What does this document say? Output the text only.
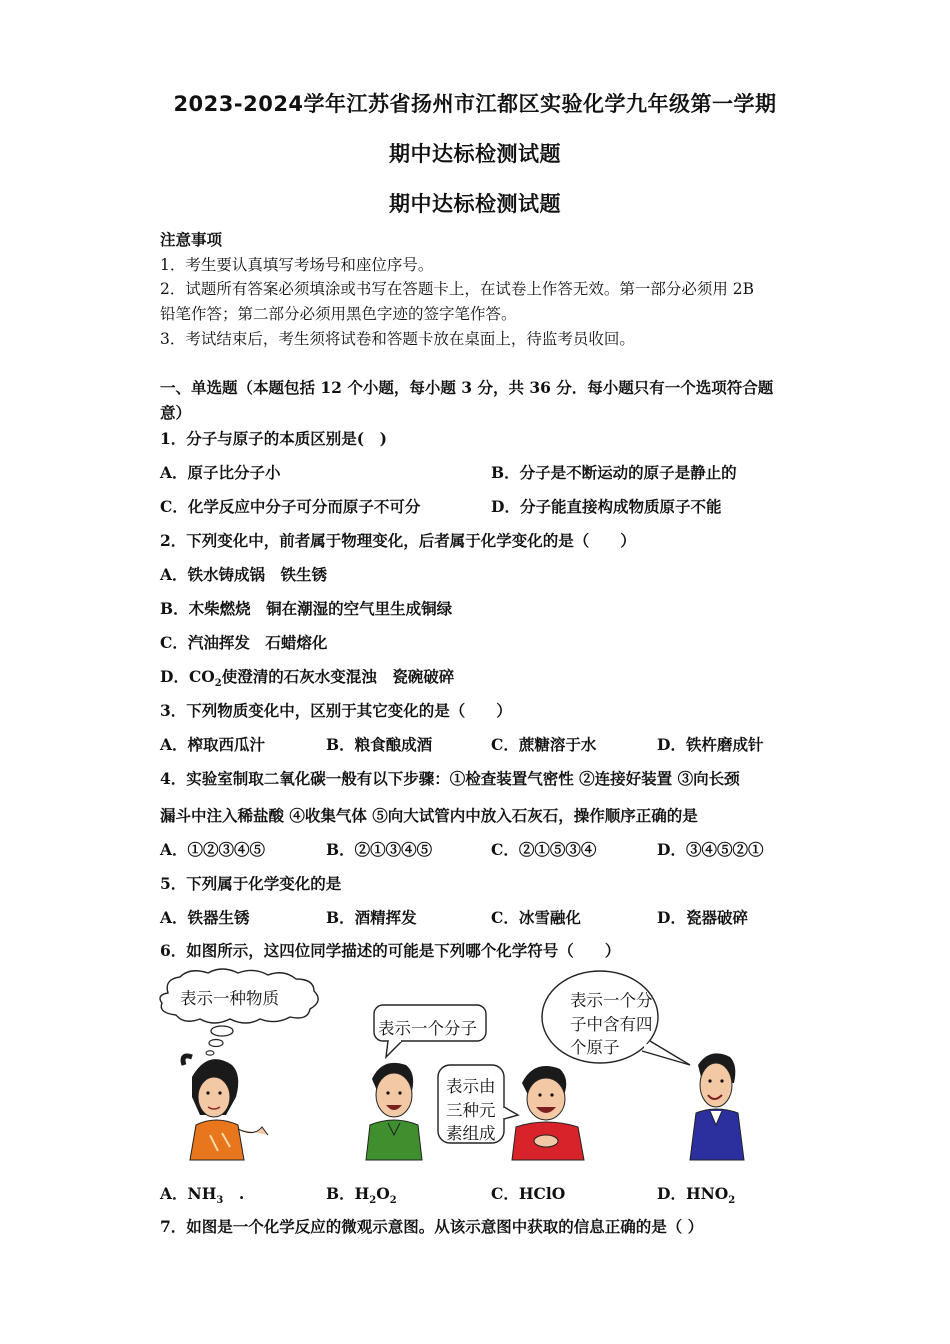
2023-2024学年江苏省扬州市江都区实验化学九年级第一学期
期中达标检测试题
期中达标检测试题
注意事项
1．考生要认真填写考场号和座位序号。
2．试题所有答案必须填涂或书写在答题卡上，在试卷上作答无效。第一部分必须用 2B
铅笔作答；第二部分必须用黑色字迹的签字笔作答。
3．考试结束后，考生须将试卷和答题卡放在桌面上，待监考员收回。
一、单选题（本题包括 12 个小题，每小题 3 分，共 36 分．每小题只有一个选项符合题
意）
1．分子与原子的本质区别是(　)
A．原子比分子小	B．分子是不断运动的原子是静止的
C．化学反应中分子可分而原子不可分	D．分子能直接构成物质原子不能
2．下列变化中，前者属于物理变化，后者属于化学变化的是（　　）
A．铁水铸成锅　铁生锈
B．木柴燃烧　铜在潮湿的空气里生成铜绿
C．汽油挥发　石蜡熔化
D．$CO_2$使澄清的石灰水变混浊　瓷碗破碎
3．下列物质变化中，区别于其它变化的是（　　）
A．榨取西瓜汁	B．粮食酿成酒	C．蔗糖溶于水	D．铁杵磨成针
4．实验室制取二氧化碳一般有以下步骤：①检查装置气密性 ②连接好装置 ③向长颈
漏斗中注入稀盐酸 ④收集气体 ⑤向大试管内中放入石灰石，操作顺序正确的是
A．①②③④⑤	B．②①③④⑤	C．②①⑤③④	D．③④⑤②①
5．下列属于化学变化的是
A．铁器生锈	B．酒精挥发	C．冰雪融化	D．瓷器破碎
6．如图所示，这四位同学描述的可能是下列哪个化学符号（　　）
表示一种物质
表示一个分子
表示由
三种元
素组成
表示一个分
子中含有四
个原子
A．$NH_3$　.	B．$H_2O_2$	C．HClO	D．$HNO_2$
7．如图是一个化学反应的微观示意图。从该示意图中获取的信息正确的是（ ）
